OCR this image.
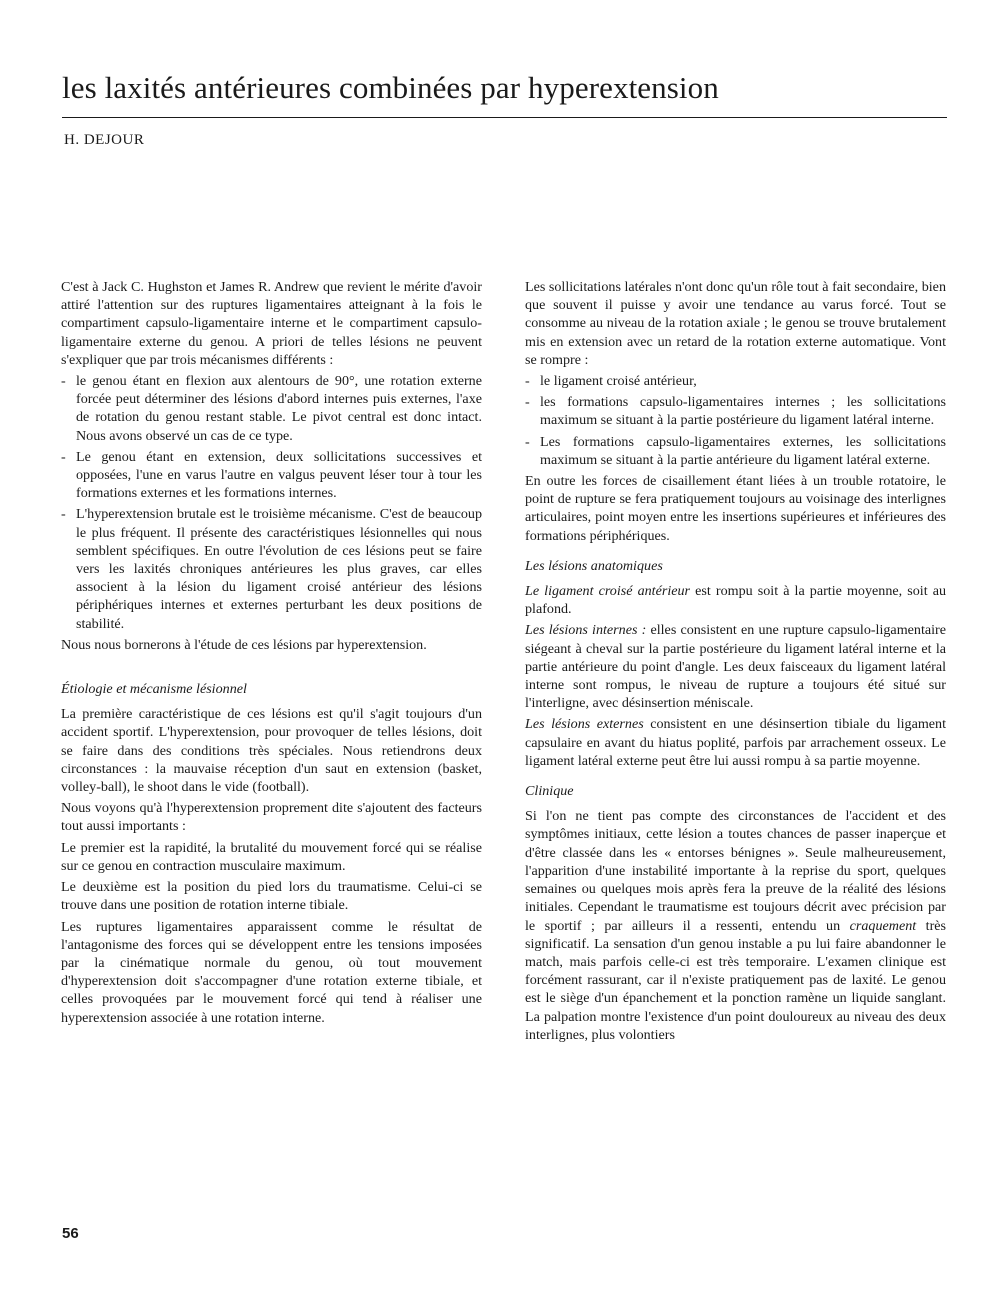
les laxités antérieures combinées par hyperextension
H. DEJOUR

C'est à Jack C. Hughston et James R. Andrew que revient le mérite d'avoir attiré l'attention sur des ruptures ligamentaires atteignant à la fois le compartiment capsulo-ligamentaire interne et le compartiment capsulo-ligamentaire externe du genou. A priori de telles lésions ne peuvent s'expliquer que par trois mécanismes différents :

- le genou étant en flexion aux alentours de 90°, une rotation externe forcée peut déterminer des lésions d'abord internes puis externes, l'axe de rotation du genou restant stable. Le pivot central est donc intact. Nous avons observé un cas de ce type.
- Le genou étant en extension, deux sollicitations successives et opposées, l'une en varus l'autre en valgus peuvent léser tour à tour les formations externes et les formations internes.
- L'hyperextension brutale est le troisième mécanisme. C'est de beaucoup le plus fréquent. Il présente des caractéristiques lésionnelles qui nous semblent spécifiques. En outre l'évolution de ces lésions peut se faire vers les laxités chroniques antérieures les plus graves, car elles associent à la lésion du ligament croisé antérieur des lésions périphériques internes et externes perturbant les deux positions de stabilité.

Nous nous bornerons à l'étude de ces lésions par hyperextension.

Étiologie et mécanisme lésionnel

La première caractéristique de ces lésions est qu'il s'agit toujours d'un accident sportif. L'hyperextension, pour provoquer de telles lésions, doit se faire dans des conditions très spéciales. Nous retiendrons deux circonstances : la mauvaise réception d'un saut en extension (basket, volley-ball), le shoot dans le vide (football).

Nous voyons qu'à l'hyperextension proprement dite s'ajoutent des facteurs tout aussi importants :

Le premier est la rapidité, la brutalité du mouvement forcé qui se réalise sur ce genou en contraction musculaire maximum.

Le deuxième est la position du pied lors du traumatisme. Celui-ci se trouve dans une position de rotation interne tibiale.

Les ruptures ligamentaires apparaissent comme le résultat de l'antagonisme des forces qui se développent entre les tensions imposées par la cinématique normale du genou, où tout mouvement d'hyperextension doit s'accompagner d'une rotation externe tibiale, et celles provoquées par le mouvement forcé qui tend à réaliser une hyperextension associée à une rotation interne.

Les sollicitations latérales n'ont donc qu'un rôle tout à fait secondaire, bien que souvent il puisse y avoir une tendance au varus forcé. Tout se consomme au niveau de la rotation axiale ; le genou se trouve brutalement mis en extension avec un retard de la rotation externe automatique. Vont se rompre :

- le ligament croisé antérieur,
- les formations capsulo-ligamentaires internes ; les sollicitations maximum se situant à la partie postérieure du ligament latéral interne.
- Les formations capsulo-ligamentaires externes, les sollicitations maximum se situant à la partie antérieure du ligament latéral externe.

En outre les forces de cisaillement étant liées à un trouble rotatoire, le point de rupture se fera pratiquement toujours au voisinage des interlignes articulaires, point moyen entre les insertions supérieures et inférieures des formations périphériques.

Les lésions anatomiques

Le ligament croisé antérieur est rompu soit à la partie moyenne, soit au plafond.

Les lésions internes : elles consistent en une rupture capsulo-ligamentaire siégeant à cheval sur la partie postérieure du ligament latéral interne et la partie antérieure du point d'angle. Les deux faisceaux du ligament latéral interne sont rompus, le niveau de rupture a toujours été situé sur l'interligne, avec désinsertion méniscale.

Les lésions externes consistent en une désinsertion tibiale du ligament capsulaire en avant du hiatus poplité, parfois par arrachement osseux. Le ligament latéral externe peut être lui aussi rompu à sa partie moyenne.

Clinique

Si l'on ne tient pas compte des circonstances de l'accident et des symptômes initiaux, cette lésion a toutes chances de passer inaperçue et d'être classée dans les « entorses bénignes ». Seule malheureusement, l'apparition d'une instabilité importante à la reprise du sport, quelques semaines ou quelques mois après fera la preuve de la réalité des lésions initiales. Cependant le traumatisme est toujours décrit avec précision par le sportif ; par ailleurs il a ressenti, entendu un craquement très significatif. La sensation d'un genou instable a pu lui faire abandonner le match, mais parfois celle-ci est très temporaire. L'examen clinique est forcément rassurant, car il n'existe pratiquement pas de laxité. Le genou est le siège d'un épanchement et la ponction ramène un liquide sanglant. La palpation montre l'existence d'un point douloureux au niveau des deux interlignes, plus volontiers

56
